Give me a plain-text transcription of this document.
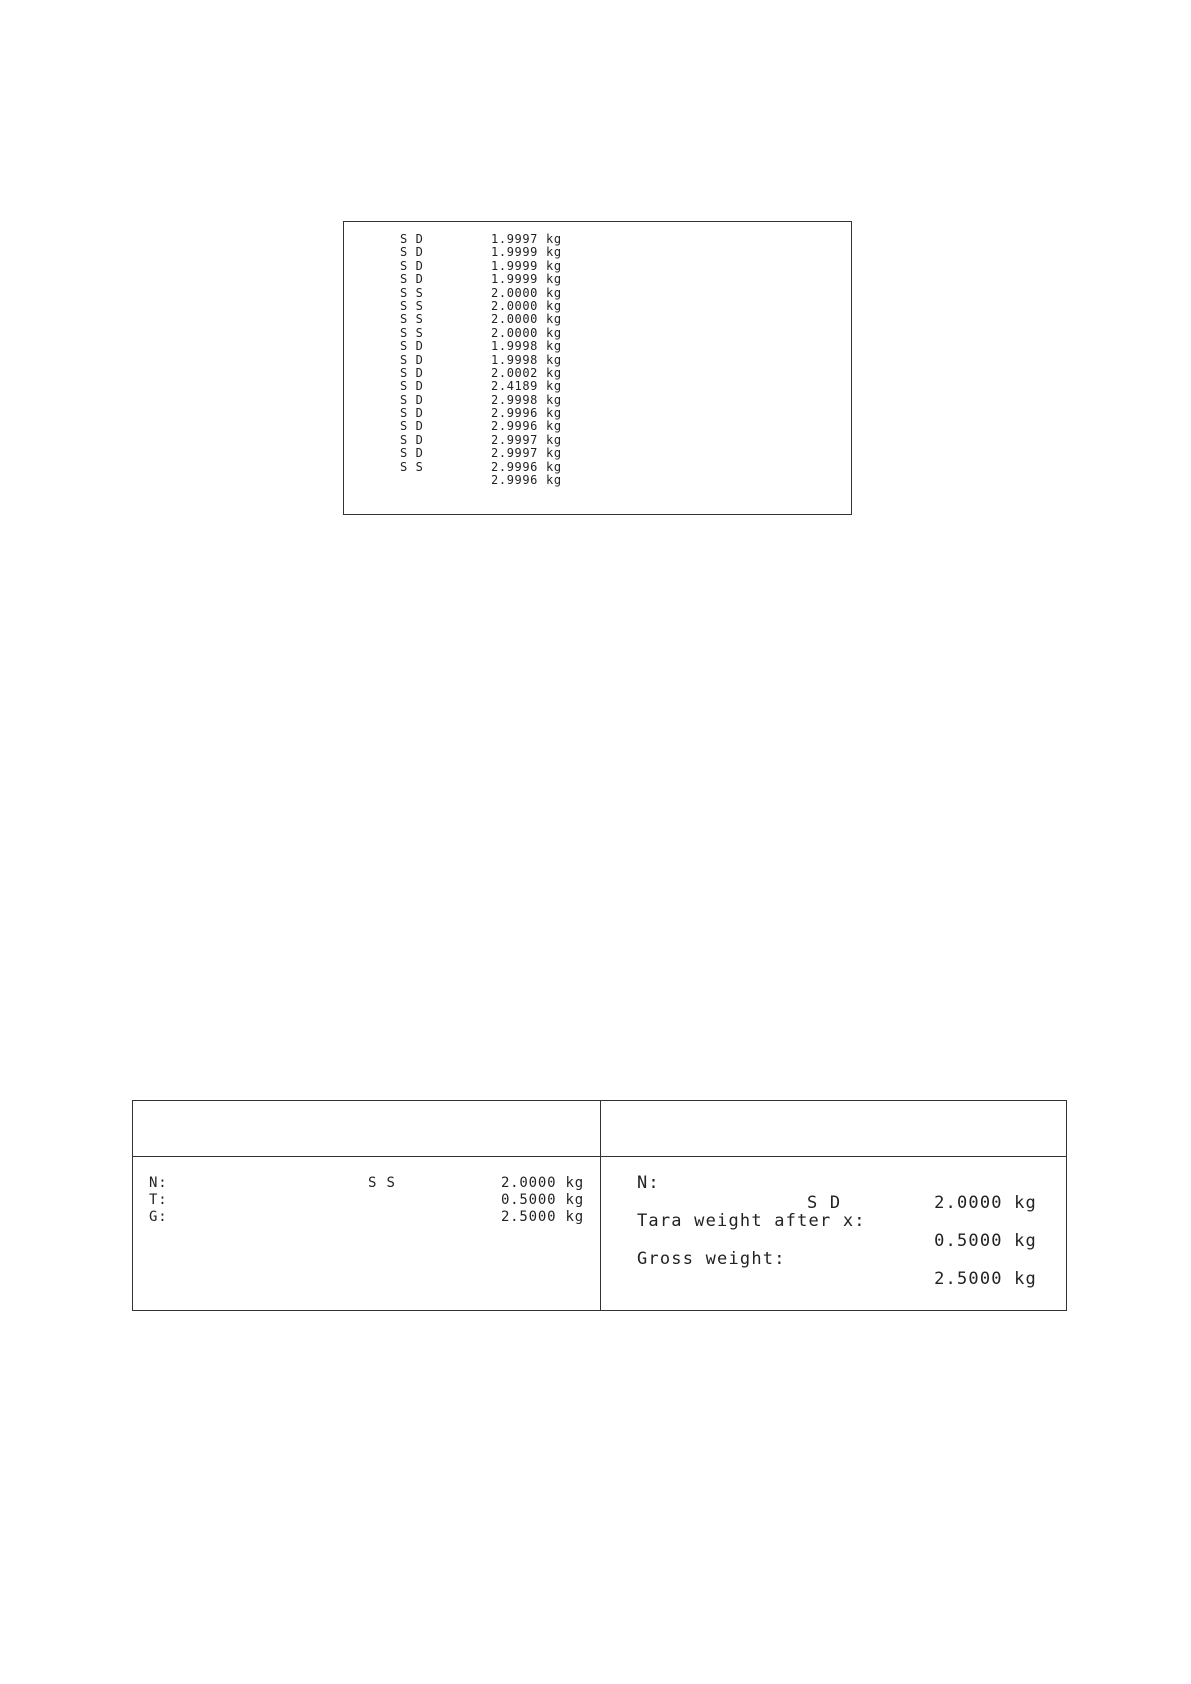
S D	1.9997 kg
S D	1.9999 kg
S D	1.9999 kg
S D	1.9999 kg
S S	2.0000 kg
S S	2.0000 kg
S S	2.0000 kg
S S	2.0000 kg
S D	1.9998 kg
S D	1.9998 kg
S D	2.0002 kg
S D	2.4189 kg
S D	2.9998 kg
S D	2.9996 kg
S D	2.9996 kg
S D	2.9997 kg
S D	2.9997 kg
S S	2.9996 kg
2.9996 kg
N:	S S	2.0000 kg
T:	0.5000 kg
G:	2.5000 kg
N:
S D	2.0000 kg
Tara weight after x:
0.5000 kg
Gross weight:
2.5000 kg
